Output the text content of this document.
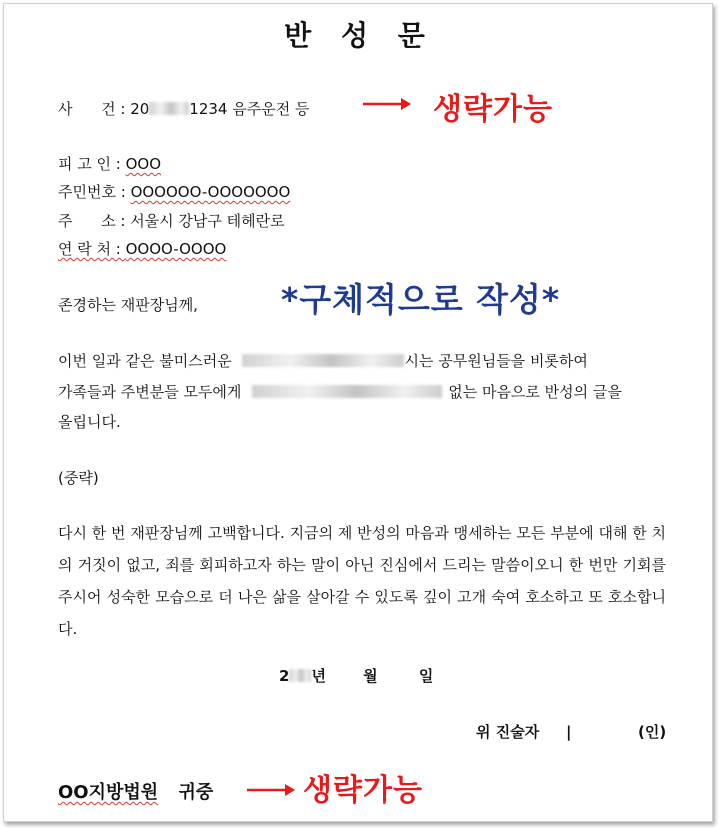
반 성 문
사      건 : 20	1234 음주운전 등	생략가능
피 고 인 : OOO
주민번호 : OOOOOO-OOOOOOO
주      소 : 서울시 강남구 테헤란로
연 락 처 : OOOO-OOOO
*구체적으로 작성*
존경하는 재판장님께,
이번 일과 같은 불미스러운	시는 공무원님들을 비롯하여
가족들과 주변분들 모두에게	없는 마음으로 반성의 글을
올립니다.
(중략)
다시 한 번 재판장님께 고백합니다. 지금의 제 반성의 마음과 맹세하는 모든 부분에 대해 한 치의 거짓이 없고, 죄를 회피하고자 하는 말이 아닌 진심에서 드리는 말씀이오니 한 번만 기회를 주시어 성숙한 모습으로 더 나은 삶을 살아갈 수 있도록 깊이 고개 숙여 호소하고 또 호소합니다.
2 년 월	일
위 진술자 |	(인)
OO지방법원 귀중	생략가능
